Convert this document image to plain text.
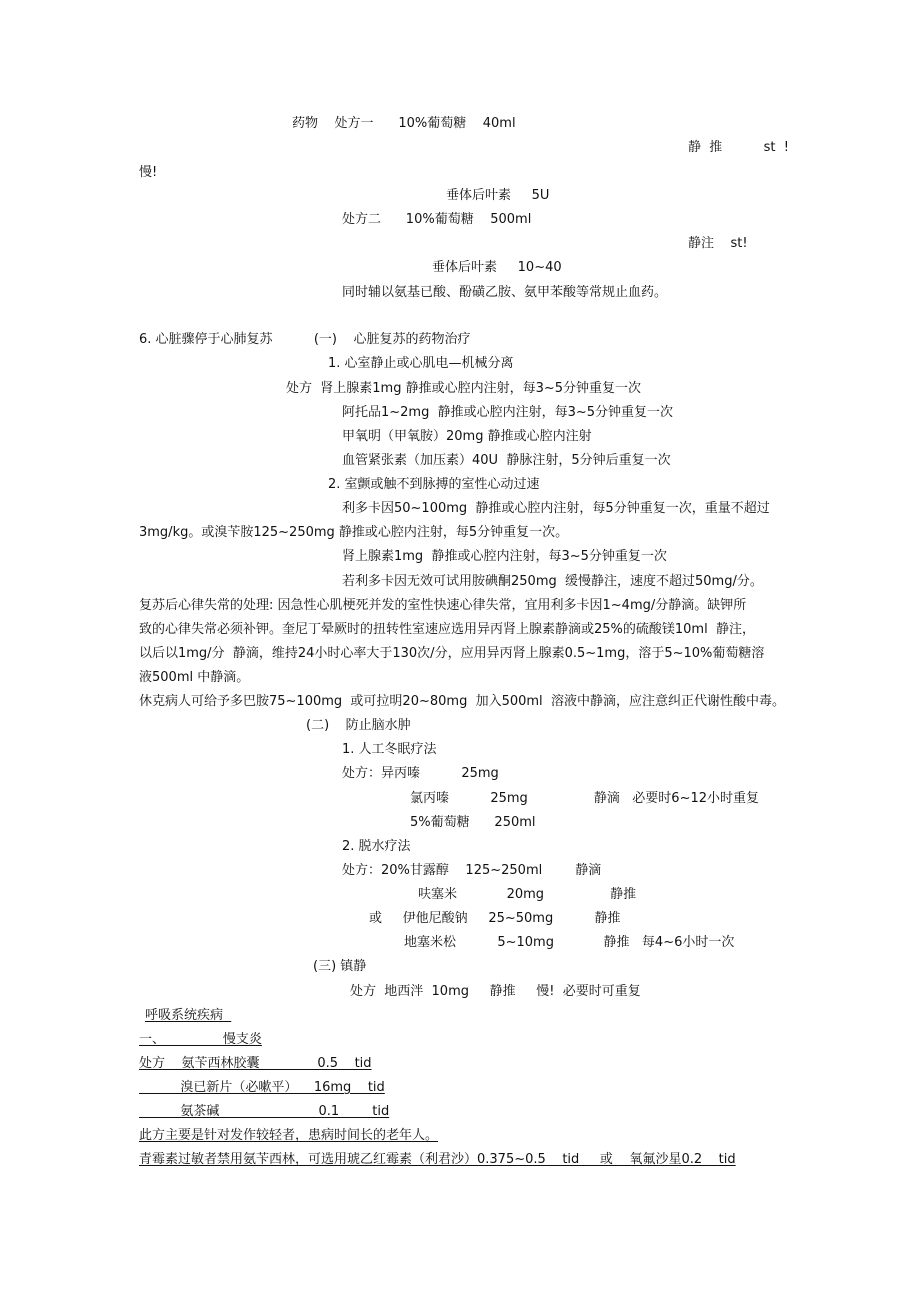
药物    处方一      10%葡萄糖    40ml
静  推          st  !
慢!
垂体后叶素     5U
处方二      10%葡萄糖    500ml
静注    st!
垂体后叶素     10~40
同时辅以氨基已酸、酚磺乙胺、氨甲苯酸等常规止血药。
6. 心脏骤停于心肺复苏          (一)    心脏复苏的药物治疗
1. 心室静止或心肌电—机械分离
处方  肾上腺素1mg 静推或心腔内注射，每3~5分钟重复一次
阿托品1~2mg  静推或心腔内注射，每3~5分钟重复一次
甲氧明（甲氧胺）20mg 静推或心腔内注射
血管紧张素（加压素）40U  静脉注射，5分钟后重复一次
2. 室颤或触不到脉搏的室性心动过速
利多卡因50~100mg  静推或心腔内注射，每5分钟重复一次，重量不超过
3mg/kg。或溴苄胺125~250mg 静推或心腔内注射，每5分钟重复一次。
肾上腺素1mg  静推或心腔内注射，每3~5分钟重复一次
若利多卡因无效可试用胺碘酮250mg  缓慢静注，速度不超过50mg/分。
复苏后心律失常的处理: 因急性心肌梗死并发的室性快速心律失常，宜用利多卡因1~4mg/分静滴。缺钾所
致的心律失常必须补钾。奎尼丁晕厥时的扭转性室速应选用异丙肾上腺素静滴或25%的硫酸镁10ml  静注，
以后以1mg/分  静滴，维持24小时心率大于130次/分，应用异丙肾上腺素0.5~1mg，溶于5~10%葡萄糖溶
液500ml 中静滴。
休克病人可给予多巴胺75~100mg  或可拉明20~80mg  加入500ml  溶液中静滴，应注意纠正代谢性酸中毒。
(二)    防止脑水肿
1. 人工冬眠疗法
处方：异丙嗪          25mg
氯丙嗪          25mg                静滴   必要时6~12小时重复
5%葡萄糖      250ml
2. 脱水疗法
处方：20%甘露醇    125~250ml        静滴
呋塞米            20mg                静推
或     伊他尼酸钠     25~50mg          静推
地塞米松          5~10mg            静推   每4~6小时一次
(三) 镇静
处方  地西泮  10mg     静推     慢!  必要时可重复
呼吸系统疾病
一、              慢支炎
处方    氨苄西林胶囊              0.5    tid
溴已新片（必嗽平）    16mg    tid
氨茶碱                        0.1        tid
此方主要是针对发作较轻者，患病时间长的老年人。
青霉素过敏者禁用氨苄西林，可选用琥乙红霉素（利君沙）0.375~0.5    tid     或    氧氟沙星0.2    tid
